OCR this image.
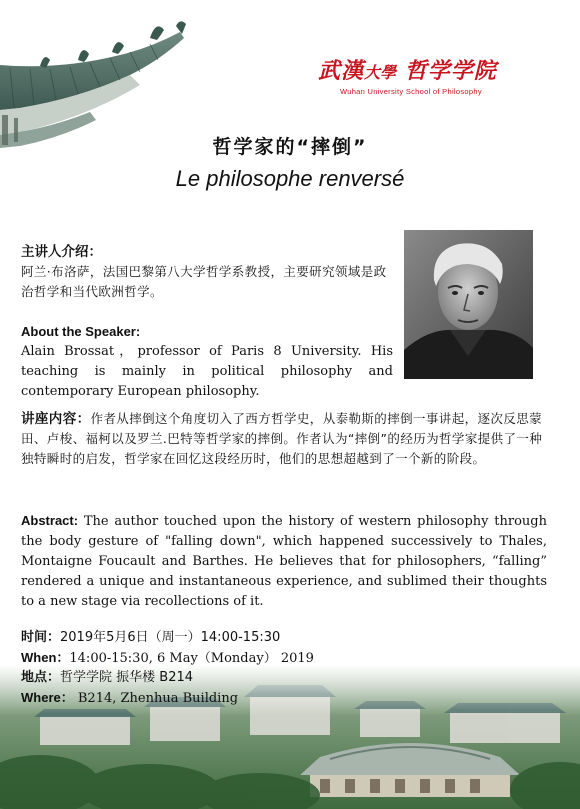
武漢大學 哲学学院
Wuhan University School of Philosophy
哲学家的“摔倒”
Le philosophe renversé
主讲人介绍：
阿兰·布洛萨，法国巴黎第八大学哲学系教授，主要研究领域是政治哲学和当代欧洲哲学。
About the Speaker:
Alain Brossat，professor of Paris 8 University. His teaching is mainly in political philosophy and contemporary European philosophy.
讲座内容：作者从摔倒这个角度切入了西方哲学史，从泰勒斯的摔倒一事讲起，逐次反思蒙田、卢梭、福柯以及罗兰.巴特等哲学家的摔倒。作者认为“摔倒”的经历为哲学家提供了一种独特瞬时的启发，哲学家在回忆这段经历时，他们的思想超越到了一个新的阶段。
Abstract: The author touched upon the history of western philosophy through the body gesture of "falling down", which happened successively to Thales, Montaigne Foucault and Barthes. He believes that for philosophers, “falling” rendered a unique and instantaneous experience, and sublimed their thoughts to a new stage via recollections of it.
时间：2019年5月6日（周一）14:00-15:30
When：14:00-15:30, 6 May（Monday） 2019
地点：哲学学院 振华楼 B214
Where： B214, Zhenhua Building
